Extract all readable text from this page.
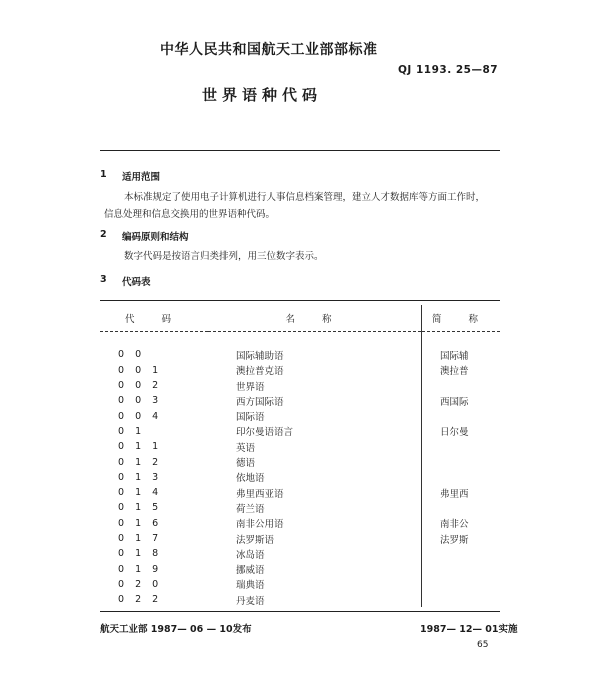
中华人民共和国航天工业部部标准
QJ 1193. 25—87
世界语种代码
1 适用范围
本标准规定了使用电子计算机进行人事信息档案管理，建立人才数据库等方面工作时，
信息处理和信息交换用的世界语种代码。
2 编码原则和结构
数字代码是按语言归类排列，用三位数字表示。
3 代码表
代 码	名 称	简 称

0 0	国际辅助语	国际辅
0 0 1	澳拉普克语	澳拉普
0 0 2	世界语	
0 0 3	西方国际语	西国际
0 0 4	国际语	
0 1	印尔曼语语言	日尔曼
0 1 1	英语	
0 1 2	德语	
0 1 3	依地语	
0 1 4	弗里西亚语	弗里西
0 1 5	荷兰语	
0 1 6	南非公用语	南非公
0 1 7	法罗斯语	法罗斯
0 1 8	冰岛语	
0 1 9	挪威语	
0 2 0	瑞典语	
0 2 2	丹麦语	
航天工业部 1987— 06 — 10发布	1987— 12— 01实施
65
